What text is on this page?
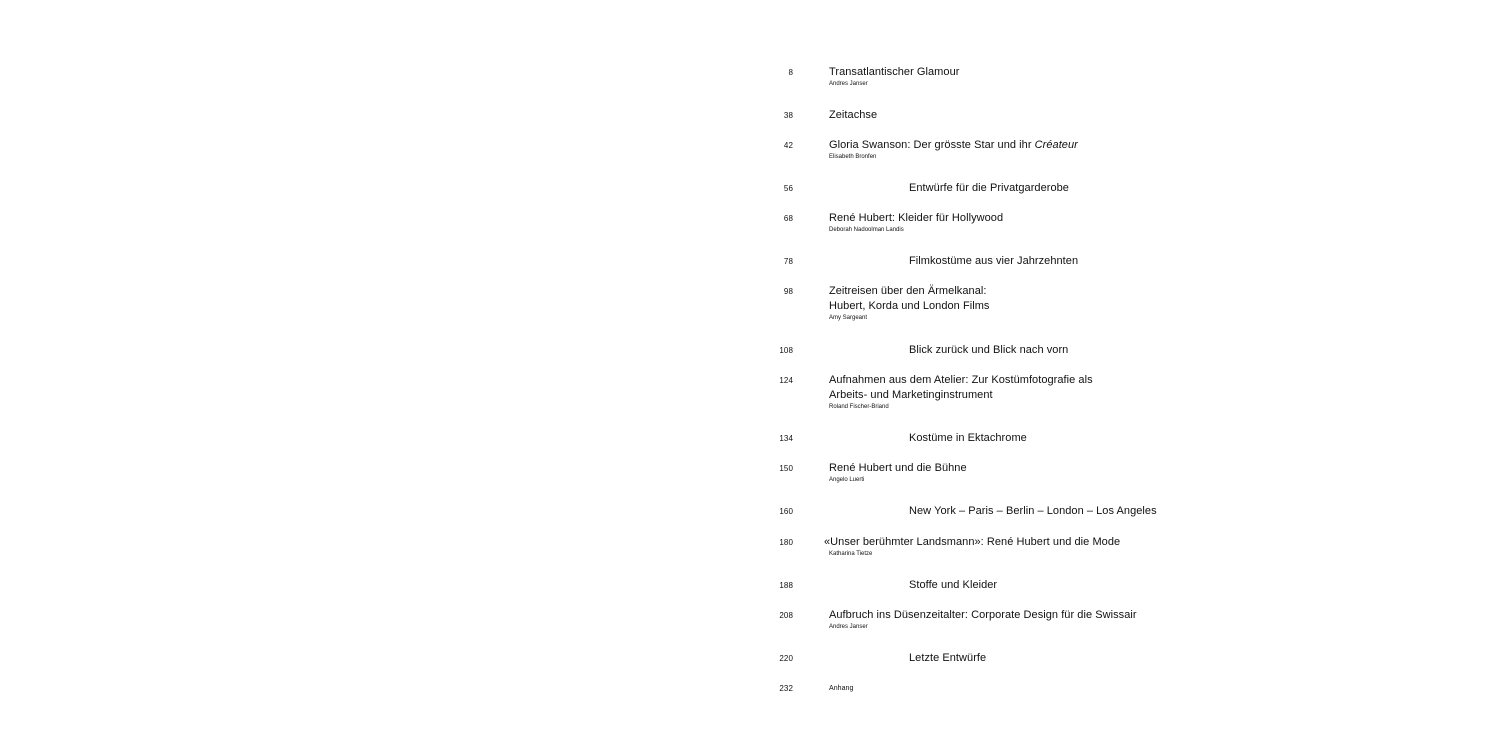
8	Transatlantischer Glamour
Andres Janser
38	Zeitachse
42	Gloria Swanson: Der grösste Star und ihr Créateur
Elisabeth Bronfen
56	Entwürfe für die Privatgarderobe
68	René Hubert: Kleider für Hollywood
Deborah Nadoolman Landis
78	Filmkostüme aus vier Jahrzehnten
98	Zeitreisen über den Ärmelkanal:
Hubert, Korda und London Films
Amy Sargeant
108	Blick zurück und Blick nach vorn
124	Aufnahmen aus dem Atelier: Zur Kostümfotografie als
Arbeits- und Marketinginstrument
Roland Fischer-Briand
134	Kostüme in Ektachrome
150	René Hubert und die Bühne
Angelo Luerti
160	New York – Paris – Berlin – London – Los Angeles
180	«Unser berühmter Landsmann»: René Hubert und die Mode
Katharina Tietze
188	Stoffe und Kleider
208	Aufbruch ins Düsenzeitalter: Corporate Design für die Swissair
Andres Janser
220	Letzte Entwürfe
232	Anhang
